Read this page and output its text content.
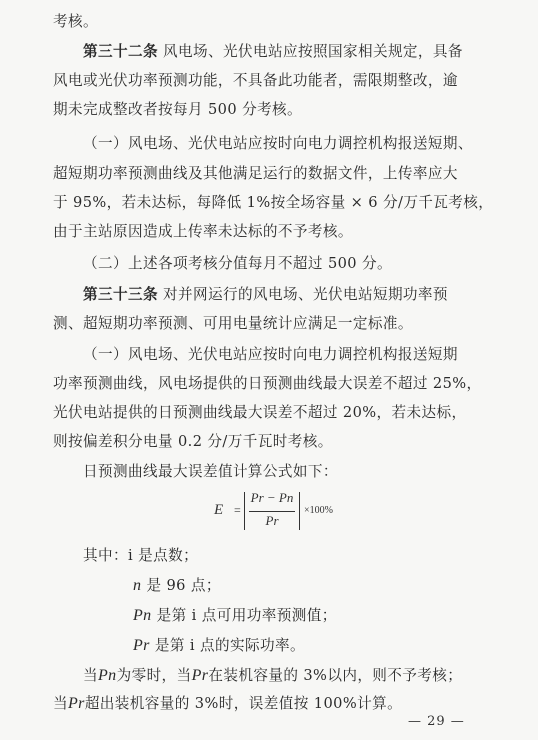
考核。
第三十二条 风电场、光伏电站应按照国家相关规定，具备
风电或光伏功率预测功能，不具备此功能者，需限期整改，逾
期未完成整改者按每月 500 分考核。
（一）风电场、光伏电站应按时向电力调控机构报送短期、
超短期功率预测曲线及其他满足运行的数据文件，上传率应大
于 95%，若未达标，每降低 1%按全场容量 × 6 分/万千瓦考核，
由于主站原因造成上传率未达标的不予考核。
（二）上述各项考核分值每月不超过 500 分。
第三十三条 对并网运行的风电场、光伏电站短期功率预
测、超短期功率预测、可用电量统计应满足一定标准。
（一）风电场、光伏电站应按时向电力调控机构报送短期
功率预测曲线，风电场提供的日预测曲线最大误差不超过 25%，
光伏电站提供的日预测曲线最大误差不超过 20%，若未达标，
则按偏差积分电量 0.2 分/万千瓦时考核。
日预测曲线最大误差值计算公式如下：
E =
Pr − Pn
Pr
×100%
其中：i 是点数；
n 是 96 点；
Pn 是第 i 点可用功率预测值；
Pr 是第 i 点的实际功率。
当Pn为零时，当Pr在装机容量的 3%以内，则不予考核；
当Pr超出装机容量的 3%时，误差值按 100%计算。
— 29 —
